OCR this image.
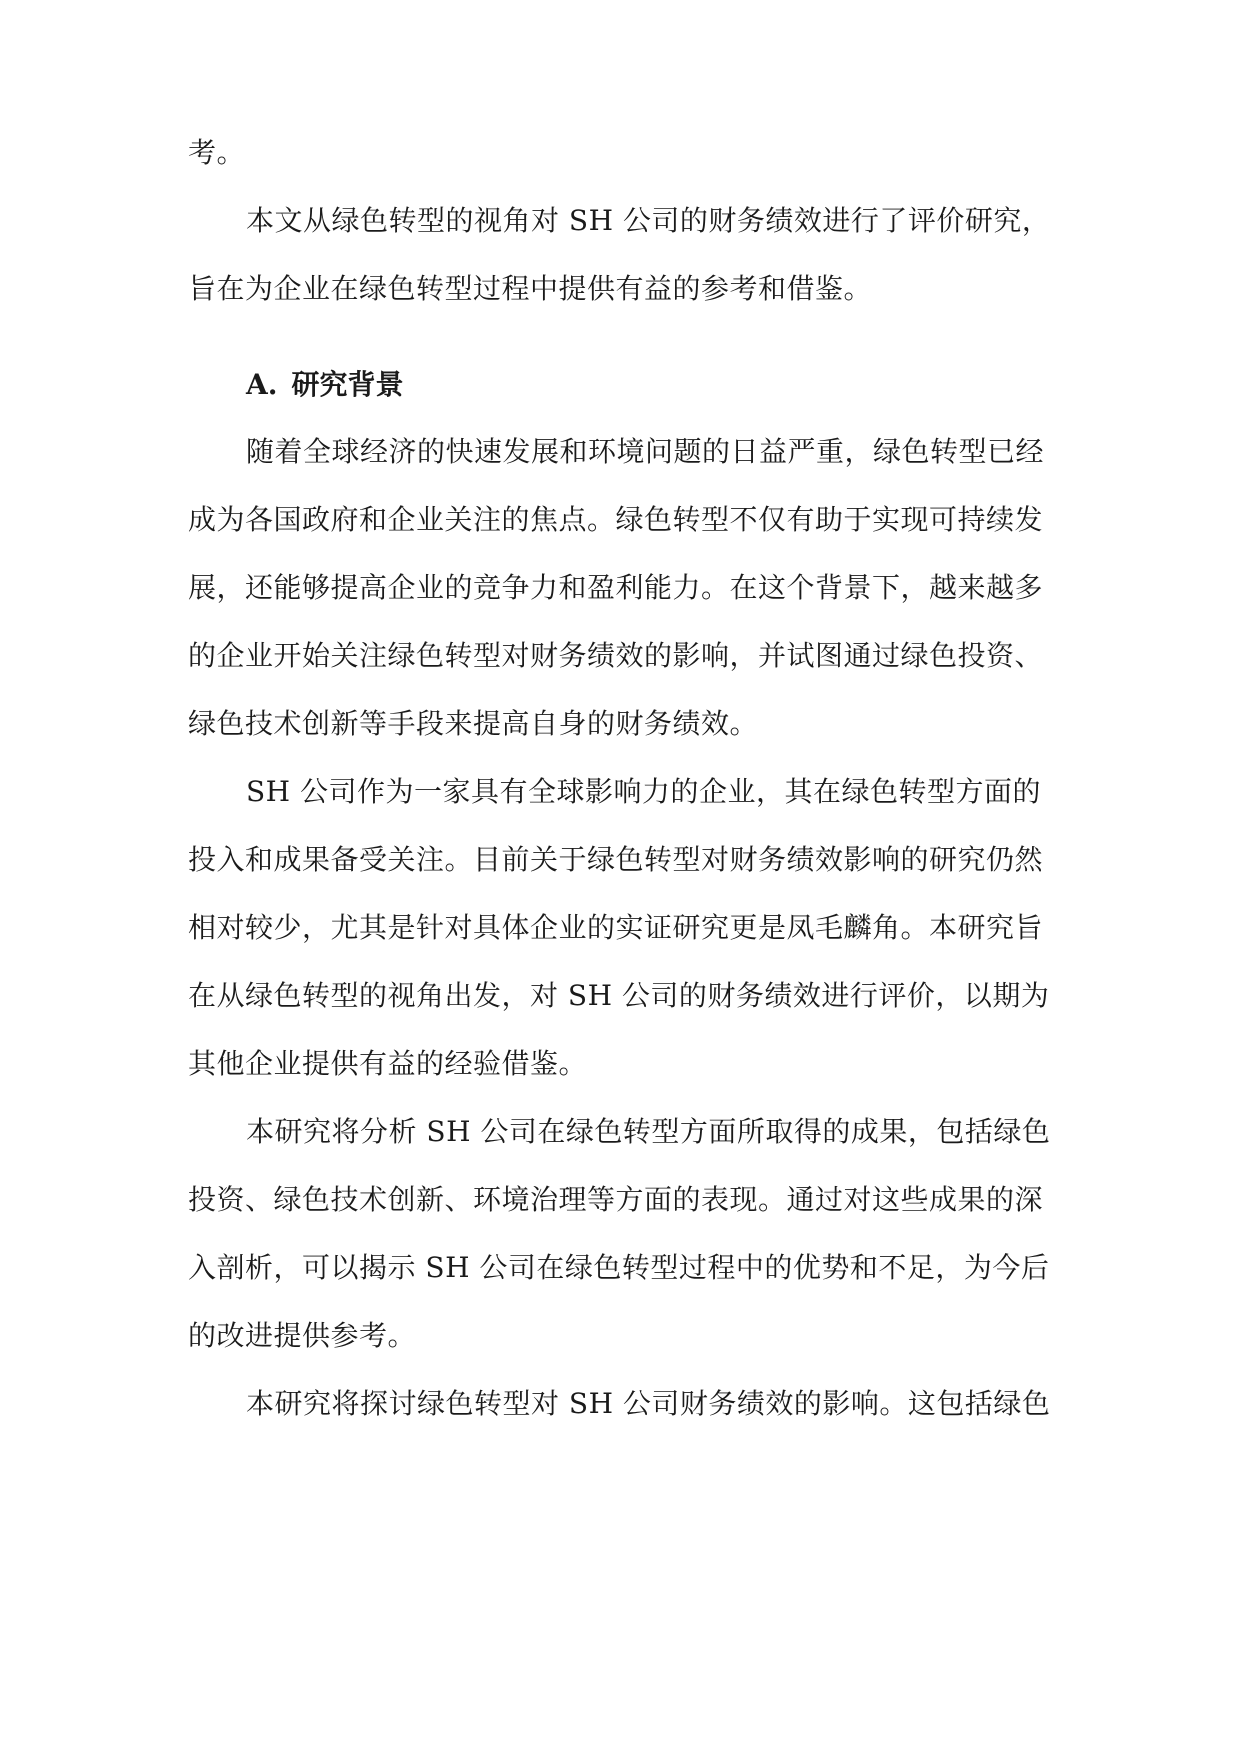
考。
本文从绿色转型的视角对 SH 公司的财务绩效进行了评价研究，
旨在为企业在绿色转型过程中提供有益的参考和借鉴。
A. 研究背景
随着全球经济的快速发展和环境问题的日益严重，绿色转型已经
成为各国政府和企业关注的焦点。绿色转型不仅有助于实现可持续发
展，还能够提高企业的竞争力和盈利能力。在这个背景下，越来越多
的企业开始关注绿色转型对财务绩效的影响，并试图通过绿色投资、
绿色技术创新等手段来提高自身的财务绩效。
SH 公司作为一家具有全球影响力的企业，其在绿色转型方面的
投入和成果备受关注。目前关于绿色转型对财务绩效影响的研究仍然
相对较少，尤其是针对具体企业的实证研究更是凤毛麟角。本研究旨
在从绿色转型的视角出发，对 SH 公司的财务绩效进行评价，以期为
其他企业提供有益的经验借鉴。
本研究将分析 SH 公司在绿色转型方面所取得的成果，包括绿色
投资、绿色技术创新、环境治理等方面的表现。通过对这些成果的深
入剖析，可以揭示 SH 公司在绿色转型过程中的优势和不足，为今后
的改进提供参考。
本研究将探讨绿色转型对 SH 公司财务绩效的影响。这包括绿色
